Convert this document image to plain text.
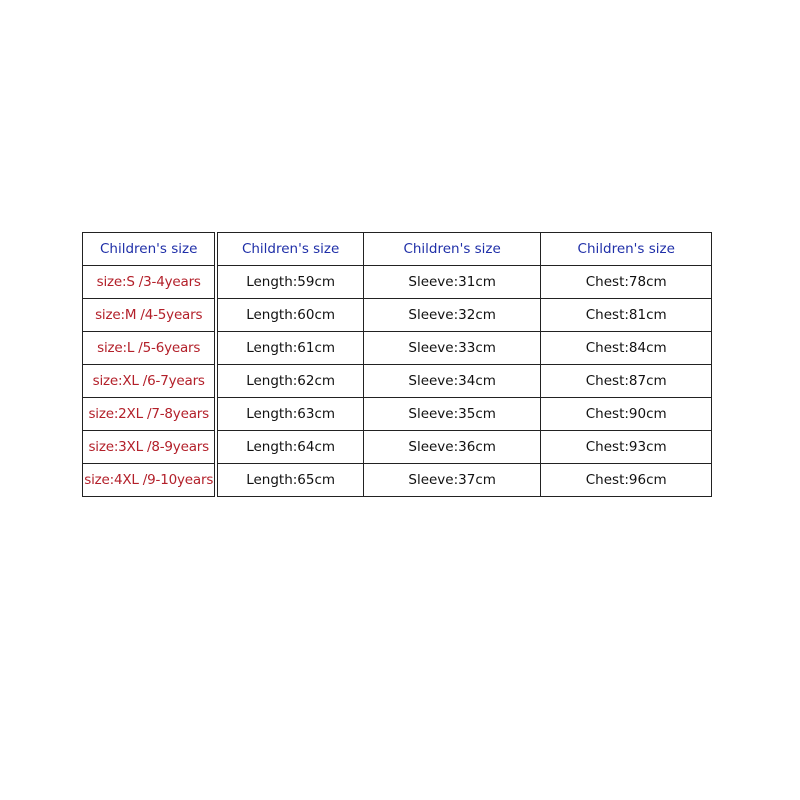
Children's size		Children's size	Children's size	Children's size
size:S /3-4years		Length:59cm	Sleeve:31cm	Chest:78cm
size:M /4-5years		Length:60cm	Sleeve:32cm	Chest:81cm
size:L /5-6years		Length:61cm	Sleeve:33cm	Chest:84cm
size:XL /6-7years		Length:62cm	Sleeve:34cm	Chest:87cm
size:2XL /7-8years		Length:63cm	Sleeve:35cm	Chest:90cm
size:3XL /8-9years		Length:64cm	Sleeve:36cm	Chest:93cm
size:4XL /9-10years		Length:65cm	Sleeve:37cm	Chest:96cm
